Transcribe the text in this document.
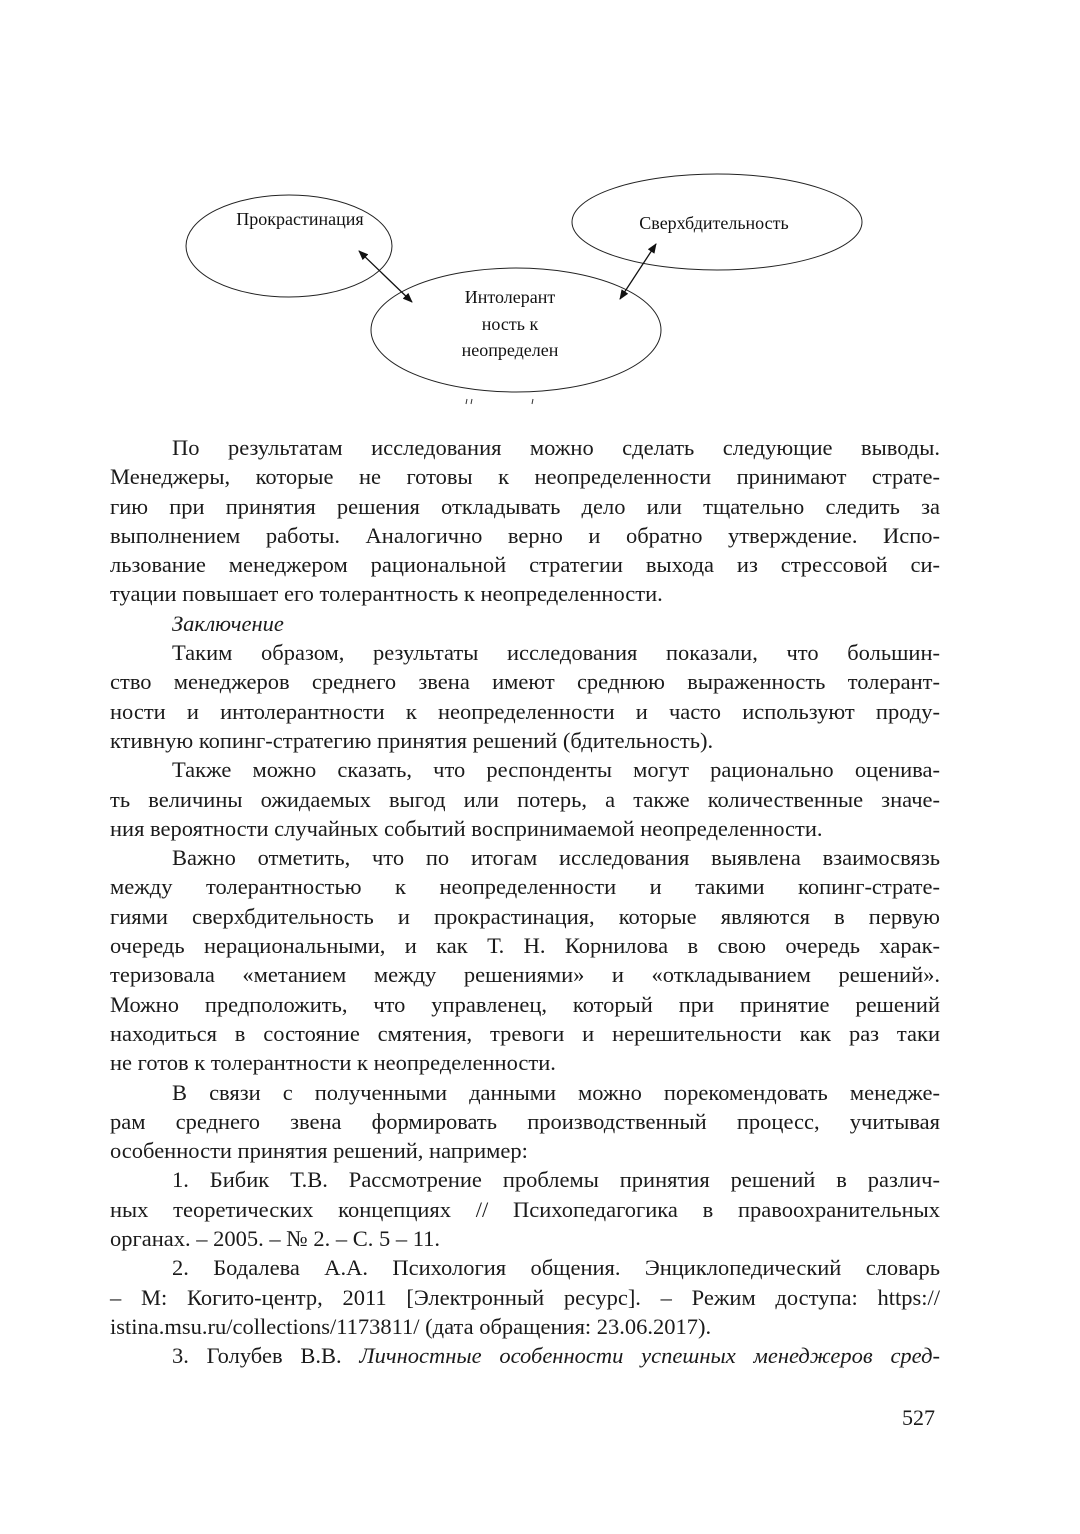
Прокрастинация	Сверхбдительность
Интолерант
ность к
неопределен
По результатам исследования можно сделать следующие выводы.
Менеджеры, которые не готовы к неопределенности принимают страте-
гию при принятия решения откладывать дело или тщательно следить за
выполнением работы. Аналогично верно и обратно утверждение. Испо-
льзование менеджером рациональной стратегии выхода из стрессовой си-
туации повышает его толерантность к неопределенности.
Заключение
Таким образом, результаты исследования показали, что большин-
ство менеджеров среднего звена имеют среднюю выраженность толерант-
ности и интолерантности к неопределенности и часто используют проду-
ктивную копинг-стратегию принятия решений (бдительность).
Также можно сказать, что респонденты могут рационально оценива-
ть величины ожидаемых выгод или потерь, а также количественные значе-
ния вероятности случайных событий воспринимаемой неопределенности.
Важно отметить, что по итогам исследования выявлена взаимосвязь
между толерантностью к неопределенности и такими копинг-страте-
гиями сверхбдительность и прокрастинация, которые являются в первую
очередь нерациональными, и как Т. Н. Корнилова в свою очередь харак-
теризовала «метанием между решениями» и «откладыванием решений».
Можно предположить, что управленец, который при принятие решений
находиться в состояние смятения, тревоги и нерешительности как раз таки
не готов к толерантности к неопределенности.
В связи с полученными данными можно порекомендовать менедже-
рам среднего звена формировать производственный процесс, учитывая
особенности принятия решений, например:
1. Бибик Т.В. Рассмотрение проблемы принятия решений в различ-
ных теоретических концепциях // Психопедагогика в правоохранительных
органах. – 2005. – № 2. – С. 5 – 11.
2. Бодалева А.А. Психология общения. Энциклопедический словарь
– М: Когито-центр, 2011 [Электронный ресурс]. – Режим доступа: https://
istina.msu.ru/collections/1173811/ (дата обращения: 23.06.2017).
3. Голубев В.В. Личностные особенности успешных менеджеров сред-
527
